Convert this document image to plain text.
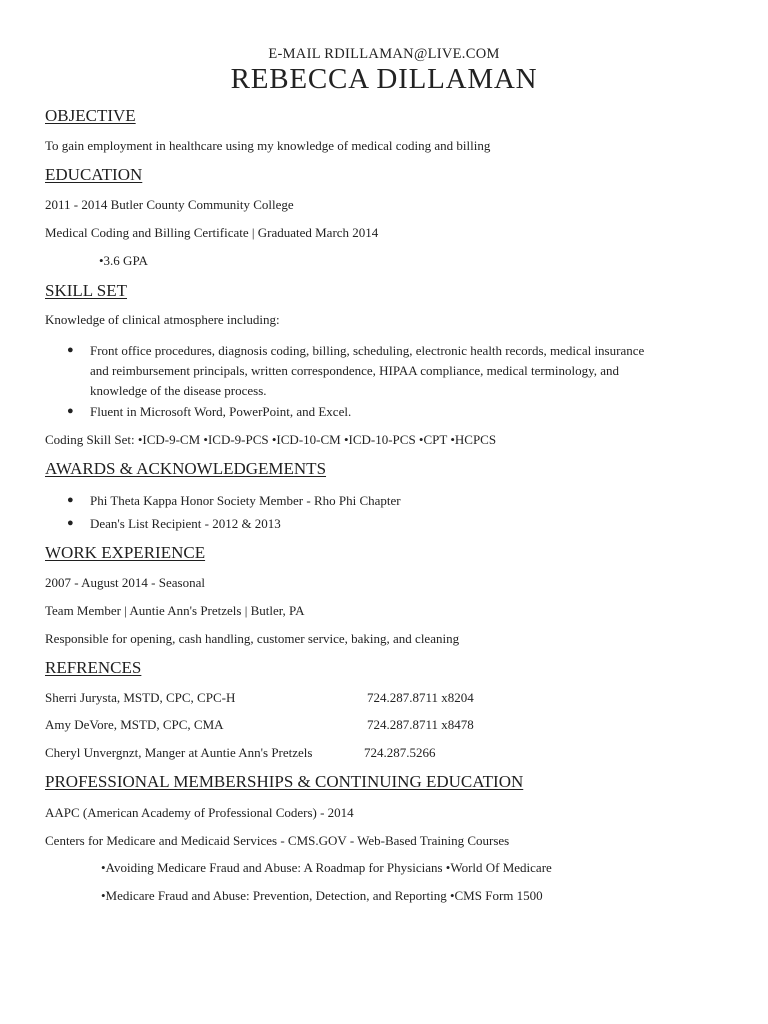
E-MAIL RDILLAMAN@LIVE.COM
REBECCA DILLAMAN
OBJECTIVE
To gain employment in healthcare using my knowledge of medical coding and billing
EDUCATION
2011 - 2014 Butler County Community College
Medical Coding and Billing Certificate | Graduated March 2014
•3.6 GPA
SKILL SET
Knowledge of clinical atmosphere including:
● Front office procedures, diagnosis coding, billing, scheduling, electronic health records, medical insurance
and reimbursement principals, written correspondence, HIPAA compliance, medical terminology, and
knowledge of the disease process.
● Fluent in Microsoft Word, PowerPoint, and Excel.
Coding Skill Set: •ICD-9-CM •ICD-9-PCS •ICD-10-CM •ICD-10-PCS •CPT •HCPCS
AWARDS & ACKNOWLEDGEMENTS
● Phi Theta Kappa Honor Society Member - Rho Phi Chapter
● Dean's List Recipient - 2012 & 2013
WORK EXPERIENCE
2007 - August 2014 - Seasonal
Team Member | Auntie Ann's Pretzels | Butler, PA
Responsible for opening, cash handling, customer service, baking, and cleaning
REFRENCES
Sherri Jurysta, MSTD, CPC, CPC-H	724.287.8711 x8204
Amy DeVore, MSTD, CPC, CMA	724.287.8711 x8478
Cheryl Unvergnzt, Manger at Auntie Ann's Pretzels	724.287.5266
PROFESSIONAL MEMBERSHIPS & CONTINUING EDUCATION
AAPC (American Academy of Professional Coders) - 2014
Centers for Medicare and Medicaid Services - CMS.GOV - Web-Based Training Courses
•Avoiding Medicare Fraud and Abuse: A Roadmap for Physicians •World Of Medicare
•Medicare Fraud and Abuse: Prevention, Detection, and Reporting •CMS Form 1500
